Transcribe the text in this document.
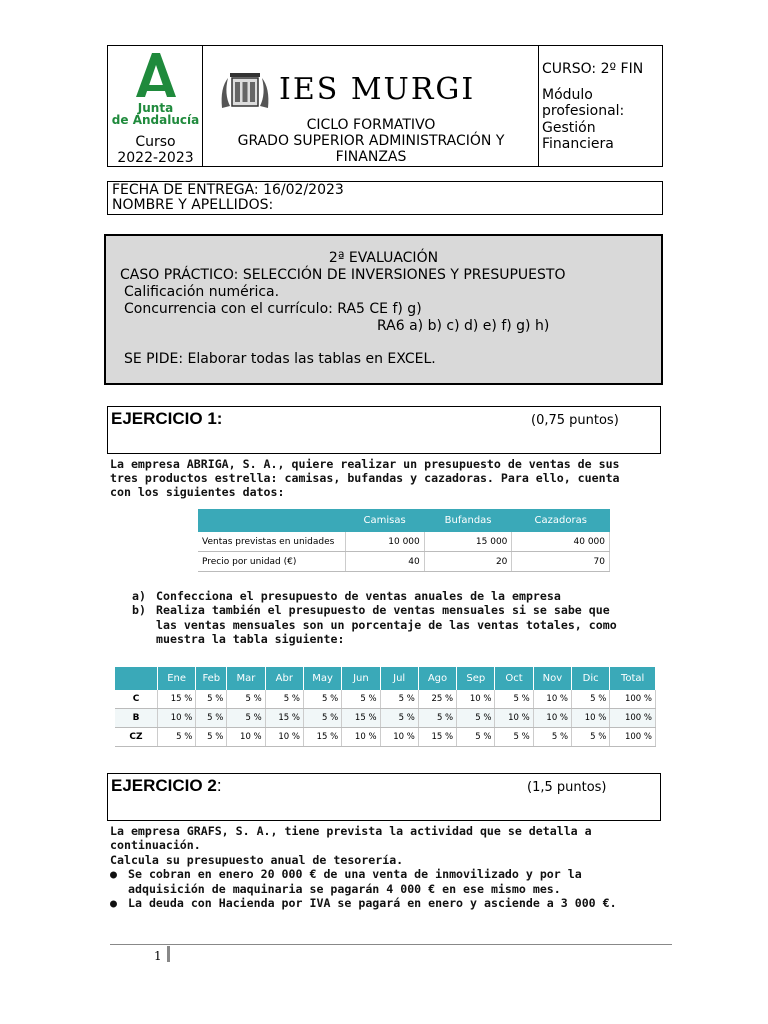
Junta
de Andalucía
Curso
2022-2023
IES MURGI
CICLO FORMATIVO
GRADO SUPERIOR ADMINISTRACIÓN Y
FINANZAS
CURSO: 2º FIN
Módulo
profesional:
Gestión
Financiera
FECHA DE ENTREGA: 16/02/2023
NOMBRE Y APELLIDOS:
2ª EVALUACIÓN
CASO PRÁCTICO: SELECCIÓN DE INVERSIONES Y PRESUPUESTO
Calificación numérica.
Concurrencia con el currículo: RA5 CE f) g)
RA6 a) b) c) d) e) f) g) h)
SE PIDE: Elaborar todas las tablas en EXCEL.
EJERCICIO 1:	(0,75 puntos)
La empresa ABRIGA, S. A., quiere realizar un presupuesto de ventas de sus
tres productos estrella: camisas, bufandas y cazadoras. Para ello, cuenta
con los siguientes datos:
	Camisas	Bufandas	Cazadoras
Ventas previstas en unidades	10 000	15 000	40 000
Precio por unidad (€)	40	20	70
a) Confecciona el presupuesto de ventas anuales de la empresa
b) Realiza también el presupuesto de ventas mensuales si se sabe que
las ventas mensuales son un porcentaje de las ventas totales, como
muestra la tabla siguiente:
	Ene	Feb	Mar	Abr	May	Jun	Jul	Ago	Sep	Oct	Nov	Dic	Total
C	15 %	5 %	5 %	5 %	5 %	5 %	5 %	25 %	10 %	5 %	10 %	5 %	100 %
B	10 %	5 %	5 %	15 %	5 %	15 %	5 %	5 %	5 %	10 %	10 %	10 %	100 %
CZ	5 %	5 %	10 %	10 %	15 %	10 %	10 %	15 %	5 %	5 %	5 %	5 %	100 %
EJERCICIO 2:	(1,5 puntos)
La empresa GRAFS, S. A., tiene prevista la actividad que se detalla a
continuación.
Calcula su presupuesto anual de tesorería.
● Se cobran en enero 20 000 € de una venta de inmovilizado y por la
adquisición de maquinaria se pagarán 4 000 € en ese mismo mes.
● La deuda con Hacienda por IVA se pagará en enero y asciende a 3 000 €.
1
